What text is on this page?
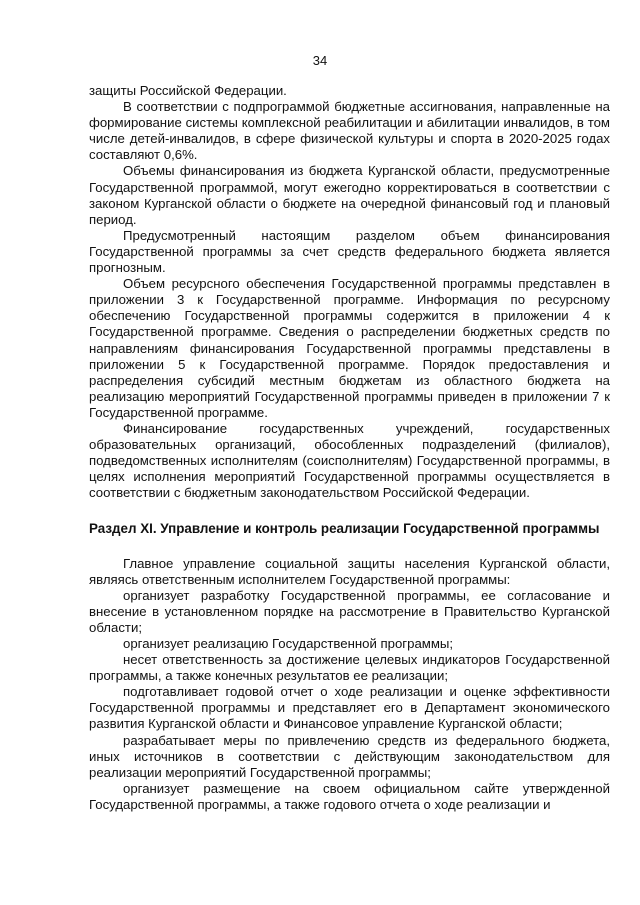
34

защиты Российской Федерации.

В соответствии с подпрограммой бюджетные ассигнования, направленные на формирование системы комплексной реабилитации и абилитации инвалидов, в том числе детей-инвалидов, в сфере физической культуры и спорта в 2020-2025 годах составляют 0,6%.

Объемы финансирования из бюджета Курганской области, предусмотренные Государственной программой, могут ежегодно корректироваться в соответствии с законом Курганской области о бюджете на очередной финансовый год и плановый период.

Предусмотренный настоящим разделом объем финансирования Государственной программы за счет средств федерального бюджета является прогнозным.

Объем ресурсного обеспечения Государственной программы представлен в приложении 3 к Государственной программе. Информация по ресурсному обеспечению Государственной программы содержится в приложении 4 к Государственной программе. Сведения о распределении бюджетных средств по направлениям финансирования Государственной программы представлены в приложении 5 к Государственной программе. Порядок предоставления и распределения субсидий местным бюджетам из областного бюджета на реализацию мероприятий Государственной программы приведен в приложении 7 к Государственной программе.

Финансирование государственных учреждений, государственных образовательных организаций, обособленных подразделений (филиалов), подведомственных исполнителям (соисполнителям) Государственной программы, в целях исполнения мероприятий Государственной программы осуществляется в соответствии с бюджетным законодательством Российской Федерации.

Раздел XI. Управление и контроль реализации Государственной программы

Главное управление социальной защиты населения Курганской области, являясь ответственным исполнителем Государственной программы:

организует разработку Государственной программы, ее согласование и внесение в установленном порядке на рассмотрение в Правительство Курганской области;

организует реализацию Государственной программы;

несет ответственность за достижение целевых индикаторов Государственной программы, а также конечных результатов ее реализации;

подготавливает годовой отчет о ходе реализации и оценке эффективности Государственной программы и представляет его в Департамент экономического развития Курганской области и Финансовое управление Курганской области;

разрабатывает меры по привлечению средств из федерального бюджета, иных источников в соответствии с действующим законодательством для реализации мероприятий Государственной программы;

организует размещение на своем официальном сайте утвержденной Государственной программы, а также годового отчета о ходе реализации и
